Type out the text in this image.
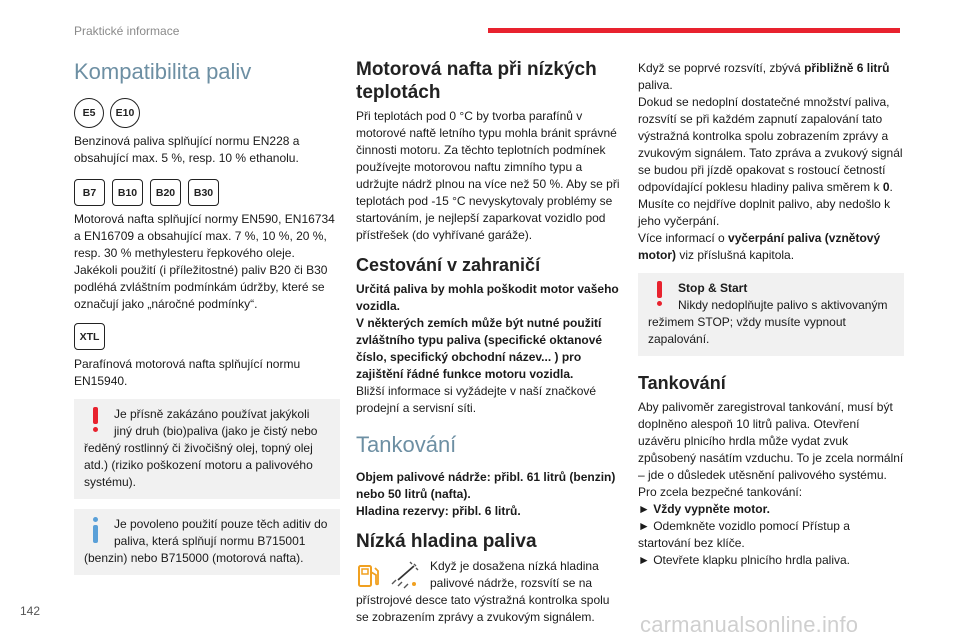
Praktické informace
Kompatibilita paliv
E5	E10

Benzinová paliva splňující normu EN228 a obsahující max. 5 %, resp. 10 % ethanolu.

B7	B10	B20	B30

Motorová nafta splňující normy EN590, EN16734 a EN16709 a obsahující max. 7 %, 10 %, 20 %, resp. 30 % methylesteru řepkového oleje. Jakékoli použití (i příležitostné) paliv B20 či B30 podléhá zvláštním podmínkám údržby, které se označují jako „náročné podmínky“.

XTL

Parafínová motorová nafta splňující normu EN15940.

Je přísně zakázáno používat jakýkoli jiný druh (bio)paliva (jako je čistý nebo ředěný rostlinný či živočišný olej, topný olej atd.) (riziko poškození motoru a palivového systému).

Je povoleno použití pouze těch aditiv do paliva, která splňují normu B715001 (benzin) nebo B715000 (motorová nafta).

Motorová nafta při nízkých teplotách

Při teplotách pod 0 °C by tvorba parafínů v motorové naftě letního typu mohla bránit správné činnosti motoru. Za těchto teplotních podmínek používejte motorovou naftu zimního typu a udržujte nádrž plnou na více než 50 %. Aby se při teplotách pod -15 °C nevyskytovaly problémy se startováním, je nejlepší zaparkovat vozidlo pod přístřešek (do vyhřívané garáže).

Cestování v zahraničí

Určitá paliva by mohla poškodit motor vašeho vozidla.

V některých zemích může být nutné použití zvláštního typu paliva (specifické oktanové číslo, specifický obchodní název... ) pro zajištění řádné funkce motoru vozidla.

Bližší informace si vyžádejte v naší značkové prodejní a servisní síti.

Tankování

Objem palivové nádrže: přibl. 61 litrů (benzin) nebo 50 litrů (nafta).

Hladina rezervy: přibl. 6 litrů.

Nízká hladina paliva

Když je dosažena nízká hladina palivové nádrže, rozsvítí se na přístrojové desce tato výstražná kontrolka spolu se zobrazením zprávy a zvukovým signálem.

Když se poprvé rozsvítí, zbývá přibližně 6 litrů paliva.

Dokud se nedoplní dostatečné množství paliva, rozsvítí se při každém zapnutí zapalování tato výstražná kontrolka spolu zobrazením zprávy a zvukovým signálem. Tato zpráva a zvukový signál se budou při jízdě opakovat s rostoucí četností odpovídající poklesu hladiny paliva směrem k 0.

Musíte co nejdříve doplnit palivo, aby nedošlo k jeho vyčerpání.

Více informací o vyčerpání paliva (vznětový motor) viz příslušná kapitola.

Stop & Start

Nikdy nedoplňujte palivo s aktivovaným režimem STOP; vždy musíte vypnout zapalování.

Tankování

Aby palivoměr zaregistroval tankování, musí být doplněno alespoň 10 litrů paliva. Otevření uzávěru plnicího hrdla může vydat zvuk způsobený nasátím vzduchu. To je zcela normální – jde o důsledek utěsnění palivového systému.

Pro zcela bezpečné tankování:

► Vždy vypněte motor.

► Odemkněte vozidlo pomocí Přístup a startování bez klíče.

► Otevřete klapku plnicího hrdla paliva.

142
carmanualsonline.info
